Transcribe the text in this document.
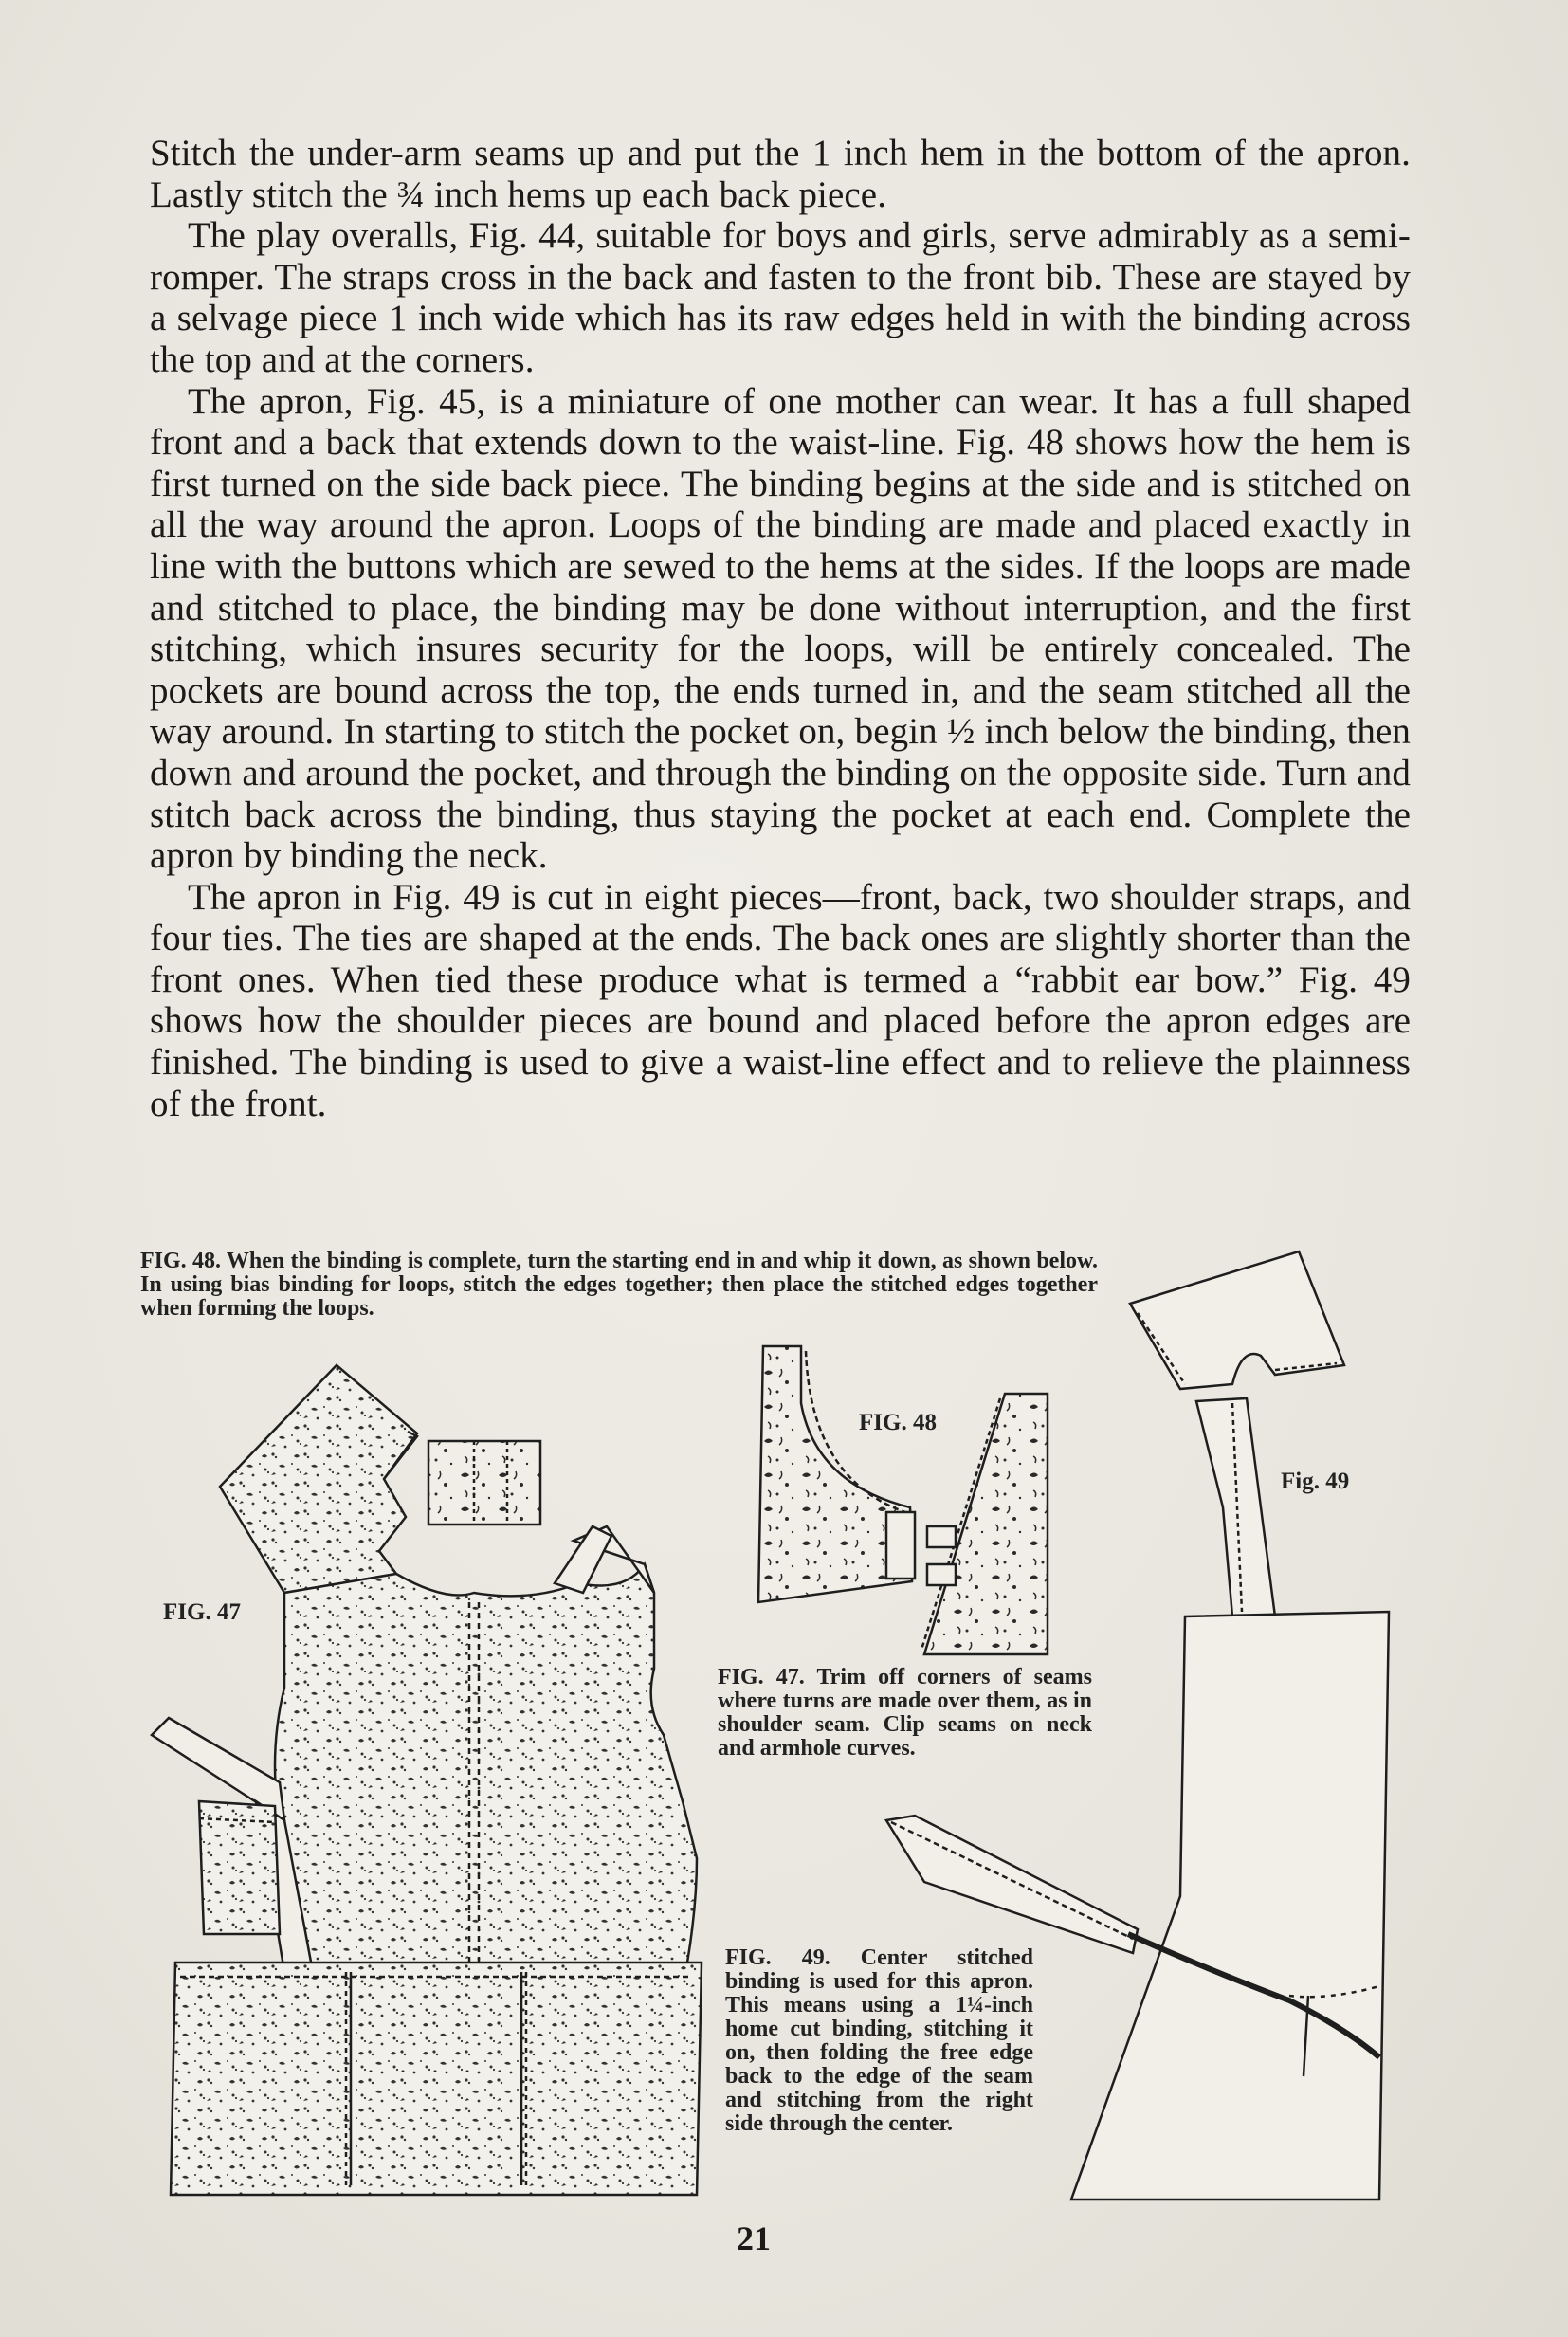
Stitch the under-arm seams up and put the 1 inch hem in the bottom of the apron. Lastly stitch the ¾ inch hems up each back piece.

The play overalls, Fig. 44, suitable for boys and girls, serve admirably as a semi-romper. The straps cross in the back and fasten to the front bib. These are stayed by a selvage piece 1 inch wide which has its raw edges held in with the binding across the top and at the corners.

The apron, Fig. 45, is a miniature of one mother can wear. It has a full shaped front and a back that extends down to the waist-line. Fig. 48 shows how the hem is first turned on the side back piece. The binding begins at the side and is stitched on all the way around the apron. Loops of the binding are made and placed exactly in line with the buttons which are sewed to the hems at the sides. If the loops are made and stitched to place, the binding may be done without interruption, and the first stitching, which insures security for the loops, will be entirely concealed. The pockets are bound across the top, the ends turned in, and the seam stitched all the way around. In starting to stitch the pocket on, begin ½ inch below the binding, then down and around the pocket, and through the binding on the opposite side. Turn and stitch back across the binding, thus staying the pocket at each end. Complete the apron by binding the neck.

The apron in Fig. 49 is cut in eight pieces—front, back, two shoulder straps, and four ties. The ties are shaped at the ends. The back ones are slightly shorter than the front ones. When tied these produce what is termed a “rabbit ear bow.” Fig. 49 shows how the shoulder pieces are bound and placed before the apron edges are finished. The binding is used to give a waist-line effect and to relieve the plainness of the front.

FIG. 47
FIG. 48
Fig. 49
FIG. 48. When the binding is complete, turn the starting end in and whip it down, as shown below. In using bias binding for loops, stitch the edges together; then place the stitched edges together when forming the loops.
FIG. 47. Trim off corners of seams where turns are made over them, as in shoulder seam. Clip seams on neck and armhole curves.
FIG. 49. Center stitched binding is used for this apron. This means using a 1¼-inch home cut binding, stitching it on, then folding the free edge back to the edge of the seam and stitching from the right side through the center.
21
